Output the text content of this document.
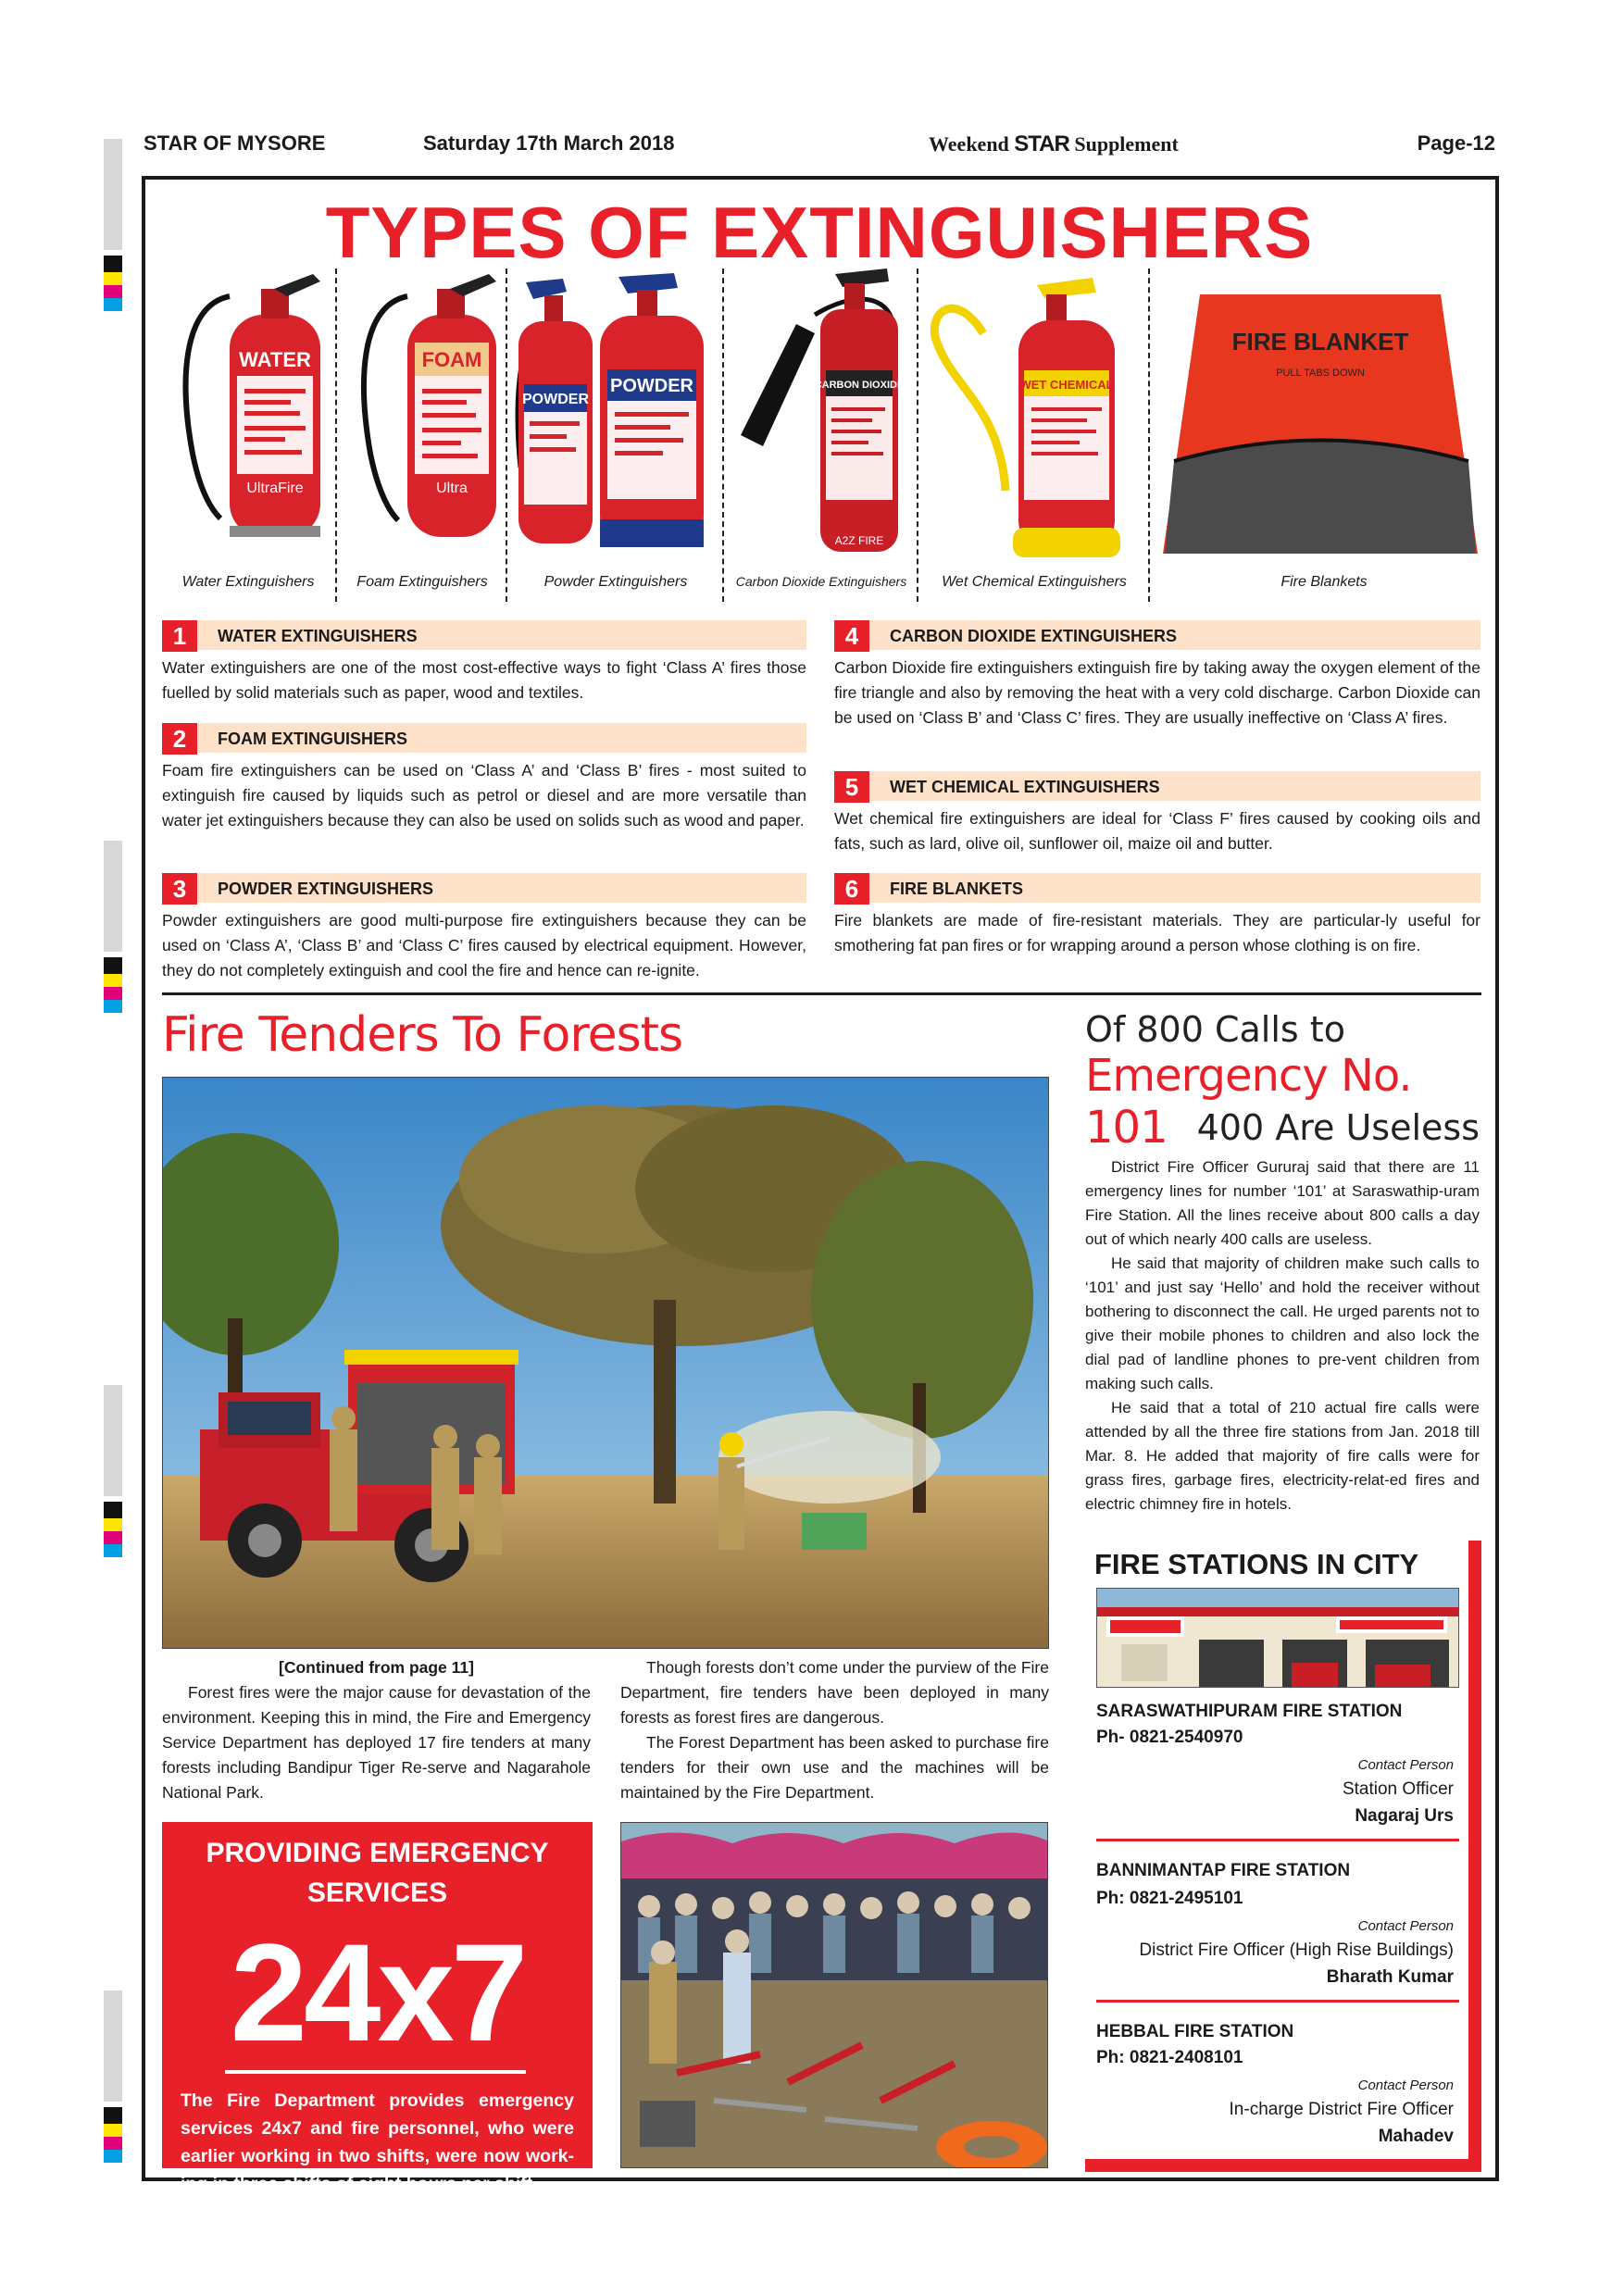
STAR OF MYSORE	Saturday 17th March 2018	Weekend STAR Supplement	Page-12
TYPES OF EXTINGUISHERS
WATER
UltraFire
FOAM
Ultra
POWDER
POWDER	CARBON DIOXIDE
A2Z FIRE
WET CHEMICAL
FIRE BLANKET
PULL TABS DOWN
Water Extinguishers	Foam Extinguishers	Powder Extinguishers	Carbon Dioxide Extinguishers	Wet Chemical Extinguishers	Fire Blankets
1	WATER EXTINGUISHERS
Water extinguishers are one of the most cost-effective ways to fight ‘Class A’ fires those fuelled by solid materials such as paper, wood and textiles.
2	FOAM EXTINGUISHERS
Foam fire extinguishers can be used on ‘Class A’ and ‘Class B’ fires - most suited to extinguish fire caused by liquids such as petrol or diesel and are more versatile than water jet extinguishers because they can also be used on solids such as wood and paper.
3	POWDER EXTINGUISHERS
Powder extinguishers are good multi-purpose fire extinguishers because they can be used on ‘Class A’, ‘Class B’ and ‘Class C’ fires caused by electrical equipment. However, they do not completely extinguish and cool the fire and hence can re-ignite.
4	CARBON DIOXIDE EXTINGUISHERS
Carbon Dioxide fire extinguishers extinguish fire by taking away the oxygen element of the fire triangle and also by removing the heat with a very cold discharge. Carbon Dioxide can be used on ‘Class B’ and ‘Class C’ fires. They are usually ineffective on ‘Class A’ fires.
5	WET CHEMICAL EXTINGUISHERS
Wet chemical fire extinguishers are ideal for ‘Class F’ fires caused by cooking oils and fats, such as lard, olive oil, sunflower oil, maize oil and butter.
6	FIRE BLANKETS
Fire blankets are made of fire-resistant materials. They are particular-ly useful for smothering fat pan fires or for wrapping around a person whose clothing is on fire.
Fire Tenders To Forests

[Continued from page 11]

Forest fires were the major cause for devastation of the environment. Keeping this in mind, the Fire and Emergency Service Department has deployed 17 fire tenders at many forests including Bandipur Tiger Re-serve and Nagarahole National Park.

Though forests don’t come under the purview of the Fire Department, fire tenders have been deployed in many forests as forest fires are dangerous.

The Forest Department has been asked to purchase fire tenders for their own use and the machines will be maintained by the Fire Department.

PROVIDING EMERGENCY
SERVICES
24x7
The Fire Department provides emergency services 24x7 and fire personnel, who were earlier working in two shifts, were now work-ing in three shifts of eight hours per shift.
Of 800 Calls to
Emergency No. 101 400 Are Useless

District Fire Officer Gururaj said that there are 11 emergency lines for number ‘101’ at Saraswathip-uram Fire Station. All the lines receive about 800 calls a day out of which nearly 400 calls are useless.

He said that majority of children make such calls to ‘101’ and just say ‘Hello’ and hold the receiver without bothering to disconnect the call. He urged parents not to give their mobile phones to children and also lock the dial pad of landline phones to pre-vent children from making such calls.

He said that a total of 210 actual fire calls were attended by all the three fire stations from Jan. 2018 till Mar. 8. He added that majority of fire calls were for grass fires, garbage fires, electricity-relat-ed fires and electric chimney fire in hotels.

FIRE STATIONS IN CITY
SARASWATHIPURAM FIRE STATION
Ph- 0821-2540970
Contact Person
Station Officer
Nagaraj Urs
BANNIMANTAP FIRE STATION
Ph: 0821-2495101
Contact Person
District Fire Officer (High Rise Buildings)
Bharath Kumar
HEBBAL FIRE STATION
Ph: 0821-2408101
Contact Person
In-charge District Fire Officer
Mahadev
